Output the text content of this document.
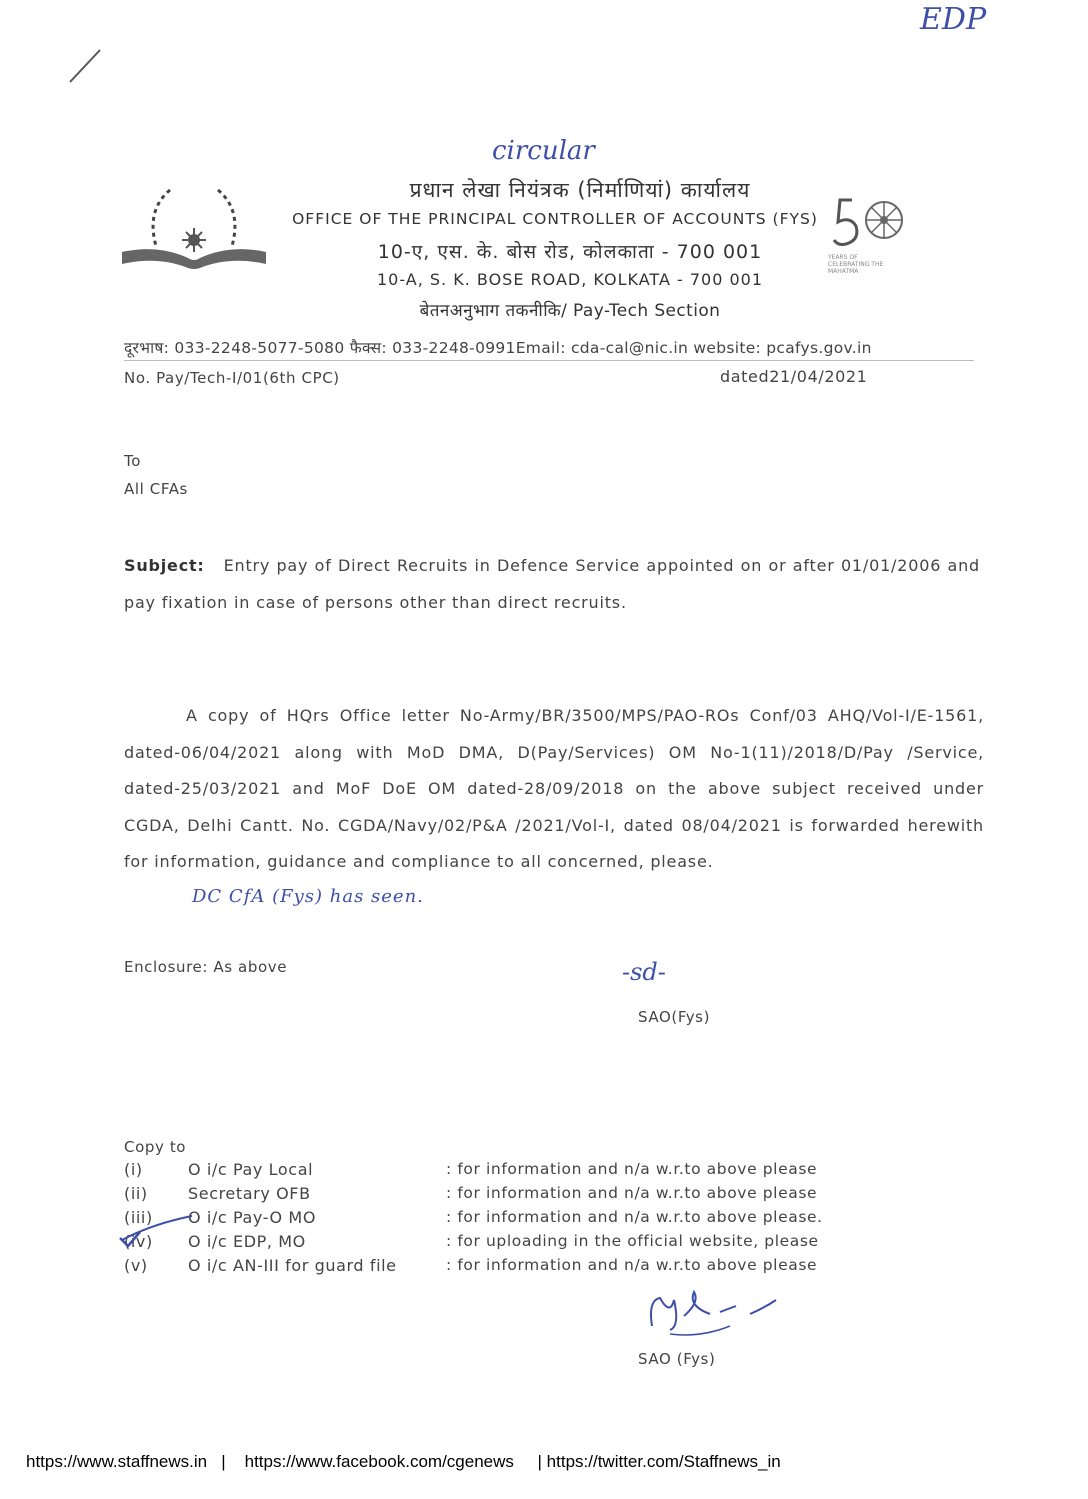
EDP
circular
प्रधान लेखा नियंत्रक (निर्माणियां) कार्यालय
OFFICE OF THE PRINCIPAL CONTROLLER OF ACCOUNTS (FYS)
10-ए, एस. के. बोस रोड, कोलकाता - 700 001
10-A, S. K. BOSE ROAD, KOLKATA - 700 001
बेतनअनुभाग तकनीकि/ Pay-Tech Section
YEARS OF CELEBRATING THE MAHATMA
दूरभाष: 033-2248-5077-5080 फैक्स: 033-2248-0991Email: cda-cal@nic.in website: pcafys.gov.in
No. Pay/Tech-I/01(6th CPC)	dated21/04/2021
To
All CFAs
Subject: Entry pay of Direct Recruits in Defence Service appointed on or after 01/01/2006 and pay fixation in case of persons other than direct recruits.
A copy of HQrs Office letter No-Army/BR/3500/MPS/PAO-ROs Conf/03 AHQ/Vol-I/E-1561, dated-06/04/2021 along with MoD DMA, D(Pay/Services) OM No-1(11)/2018/D/Pay /Service, dated-25/03/2021 and MoF DoE OM dated-28/09/2018 on the above subject received under CGDA, Delhi Cantt. No. CGDA/Navy/02/P&A /2021/Vol-I, dated 08/04/2021 is forwarded herewith for information, guidance and compliance to all concerned, please.
DC CfA (Fys) has seen.
Enclosure: As above	-sd-
SAO(Fys)
Copy to
(i)	O i/c Pay Local	: for information and n/a w.r.to above please
(ii)	Secretary OFB	: for information and n/a w.r.to above please
(iii) O i/c Pay-O MO	: for information and n/a w.r.to above please.
(iv) O i/c EDP, MO	: for uploading in the official website, please
(v)	O i/c AN-III for guard file	: for information and n/a w.r.to above please
SAO (Fys)
https://www.staffnews.in | https://www.facebook.com/cgenews | https://twitter.com/Staffnews_in
